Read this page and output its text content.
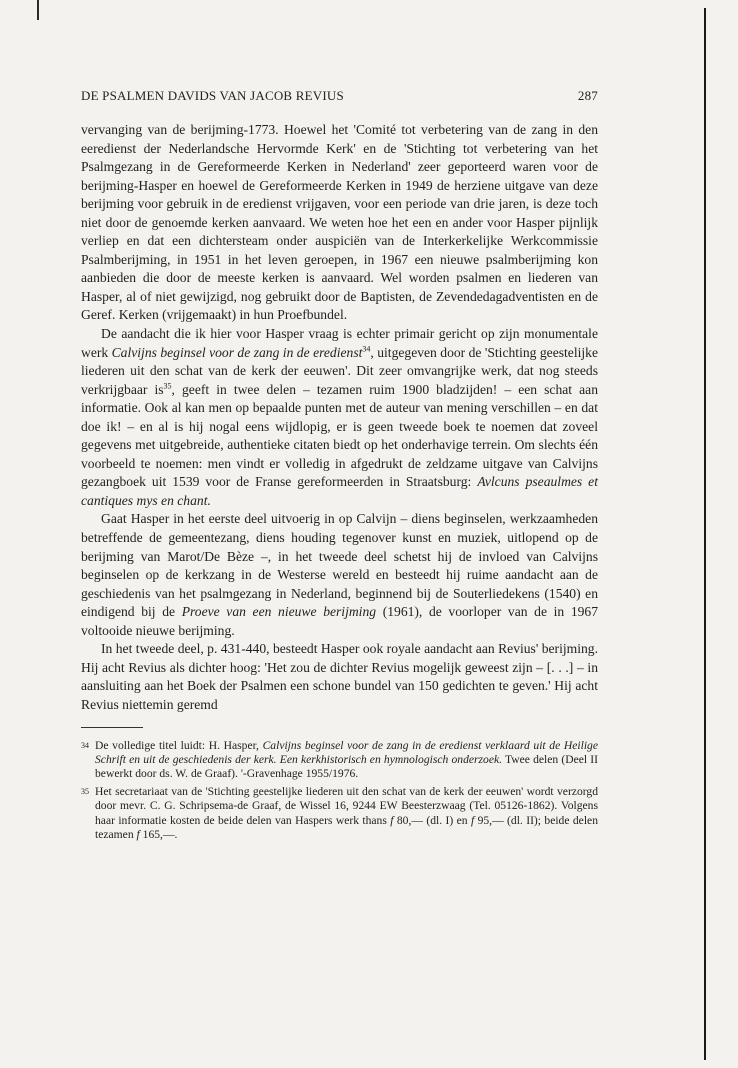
DE PSALMEN DAVIDS VAN JACOB REVIUS	287

vervanging van de berijming-1773. Hoewel het 'Comité tot verbetering van de zang in den eeredienst der Nederlandsche Hervormde Kerk' en de 'Stichting tot verbetering van het Psalmgezang in de Gereformeerde Kerken in Nederland' zeer geporteerd waren voor de berijming-Hasper en hoewel de Gereformeerde Kerken in 1949 de herziene uitgave van deze berijming voor gebruik in de eredienst vrijgaven, voor een periode van drie jaren, is deze toch niet door de genoemde kerken aanvaard. We weten hoe het een en ander voor Hasper pijnlijk verliep en dat een dichtersteam onder auspiciën van de Interkerkelijke Werkcommissie Psalmberijming, in 1951 in het leven geroepen, in 1967 een nieuwe psalmberijming kon aanbieden die door de meeste kerken is aanvaard. Wel worden psalmen en liederen van Hasper, al of niet gewijzigd, nog gebruikt door de Baptisten, de Zevendedagadventisten en de Geref. Kerken (vrijgemaakt) in hun Proefbundel.

De aandacht die ik hier voor Hasper vraag is echter primair gericht op zijn monumentale werk Calvijns beginsel voor de zang in de eredienst$^{34}$, uitgegeven door de 'Stichting geestelijke liederen uit den schat van de kerk der eeuwen'. Dit zeer omvangrijke werk, dat nog steeds verkrijgbaar $is^{35}$, geeft in twee delen – tezamen ruim 1900 bladzijden! – een schat aan informatie. Ook al kan men op bepaalde punten met de auteur van mening verschillen – en dat doe ik! – en al is hij nogal eens wijdlopig, er is geen tweede boek te noemen dat zoveel gegevens met uitgebreide, authentieke citaten biedt op het onderhavige terrein. Om slechts één voorbeeld te noemen: men vindt er volledig in afgedrukt de zeldzame uitgave van Calvijns gezangboek uit 1539 voor de Franse gereformeerden in Straatsburg: Avlcuns pseaulmes et cantiques mys en chant.

Gaat Hasper in het eerste deel uitvoerig in op Calvijn – diens beginselen, werkzaamheden betreffende de gemeentezang, diens houding tegenover kunst en muziek, uitlopend op de berijming van Marot/De Bèze –, in het tweede deel schetst hij de invloed van Calvijns beginselen op de kerkzang in de Westerse wereld en besteedt hij ruime aandacht aan de geschiedenis van het psalmgezang in Nederland, beginnend bij de Souterliedekens (1540) en eindigend bij de Proeve van een nieuwe berijming (1961), de voorloper van de in 1967 voltooide nieuwe berijming.

In het tweede deel, p. 431-440, besteedt Hasper ook royale aandacht aan Revius' berijming. Hij acht Revius als dichter hoog: 'Het zou de dichter Revius mogelijk geweest zijn – [. . .] – in aansluiting aan het Boek der Psalmen een schone bundel van 150 gedichten te geven.' Hij acht Revius niettemin geremd

34 De volledige titel luidt: H. Hasper, Calvijns beginsel voor de zang in de eredienst verklaard uit de Heilige Schrift en uit de geschiedenis der kerk. Een kerkhistorisch en hymnologisch onderzoek. Twee delen (Deel II bewerkt door ds. W. de Graaf). '-Gravenhage 1955/1976.
35 Het secretariaat van de 'Stichting geestelijke liederen uit den schat van de kerk der eeuwen' wordt verzorgd door mevr. C. G. Schripsema-de Graaf, de Wissel 16, 9244 EW Beesterzwaag (Tel. 05126-1862). Volgens haar informatie kosten de beide delen van Haspers werk thans f 80,— (dl. I) en f 95,— (dl. II); beide delen tezamen f 165,—.
